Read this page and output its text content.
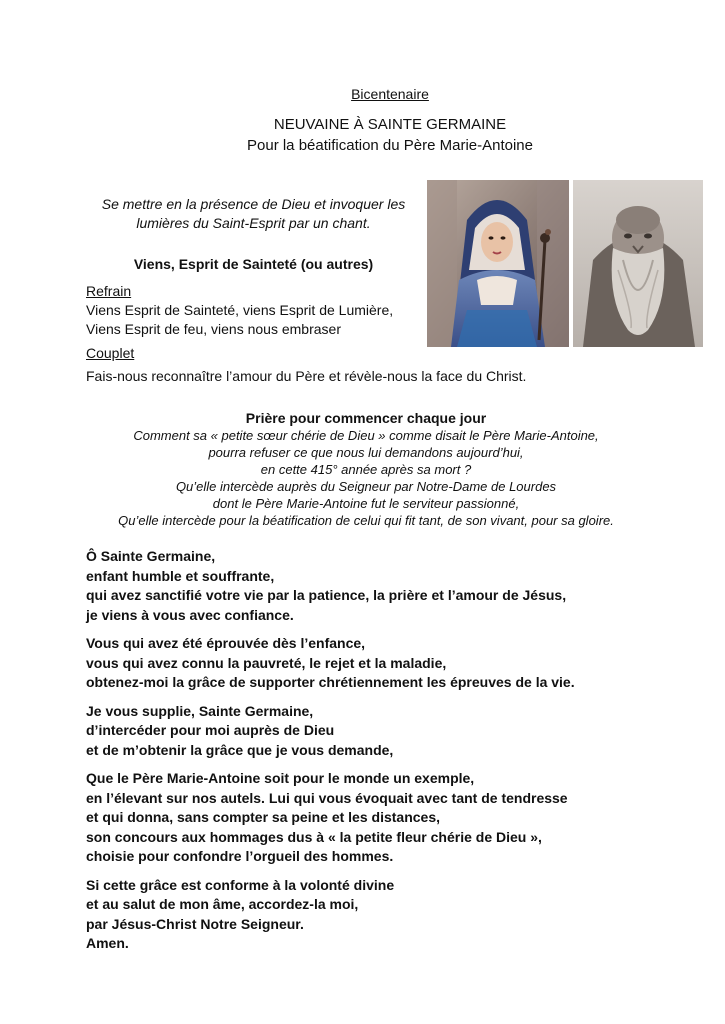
Bicentenaire
NEUVAINE À SAINTE GERMAINE
Pour la béatification du Père Marie-Antoine
Se mettre en la présence de Dieu et invoquer les
lumières du Saint-Esprit par un chant.
Viens, Esprit de Sainteté (ou autres)
Refrain
Viens Esprit de Sainteté, viens Esprit de Lumière,
Viens Esprit de feu, viens nous embraser
Couplet
Fais-nous reconnaître l’amour du Père et révèle-nous la face du Christ.
Prière pour commencer chaque jour
Comment sa « petite sœur chérie de Dieu » comme disait le Père Marie-Antoine,
pourra refuser ce que nous lui demandons aujourd’hui,
en cette 415° année après sa mort ?
Qu’elle intercède auprès du Seigneur par Notre-Dame de Lourdes
dont le Père Marie-Antoine fut le serviteur passionné,
Qu’elle intercède pour la béatification de celui qui fit tant, de son vivant, pour sa gloire.
Ô Sainte Germaine,
enfant humble et souffrante,
qui avez sanctifié votre vie par la patience, la prière et l’amour de Jésus,
je viens à vous avec confiance.
Vous qui avez été éprouvée dès l’enfance,
vous qui avez connu la pauvreté, le rejet et la maladie,
obtenez-moi la grâce de supporter chrétiennement les épreuves de la vie.
Je vous supplie, Sainte Germaine,
d’intercéder pour moi auprès de Dieu
et de m’obtenir la grâce que je vous demande,
Que le Père Marie-Antoine soit pour le monde un exemple,
en l’élevant sur nos autels. Lui qui vous évoquait avec tant de tendresse
et qui donna, sans compter sa peine et les distances,
son concours aux hommages dus à « la petite fleur chérie de Dieu »,
choisie pour confondre l’orgueil des hommes.
Si cette grâce est conforme à la volonté divine
et au salut de mon âme, accordez-la moi,
par Jésus-Christ Notre Seigneur.
Amen.
